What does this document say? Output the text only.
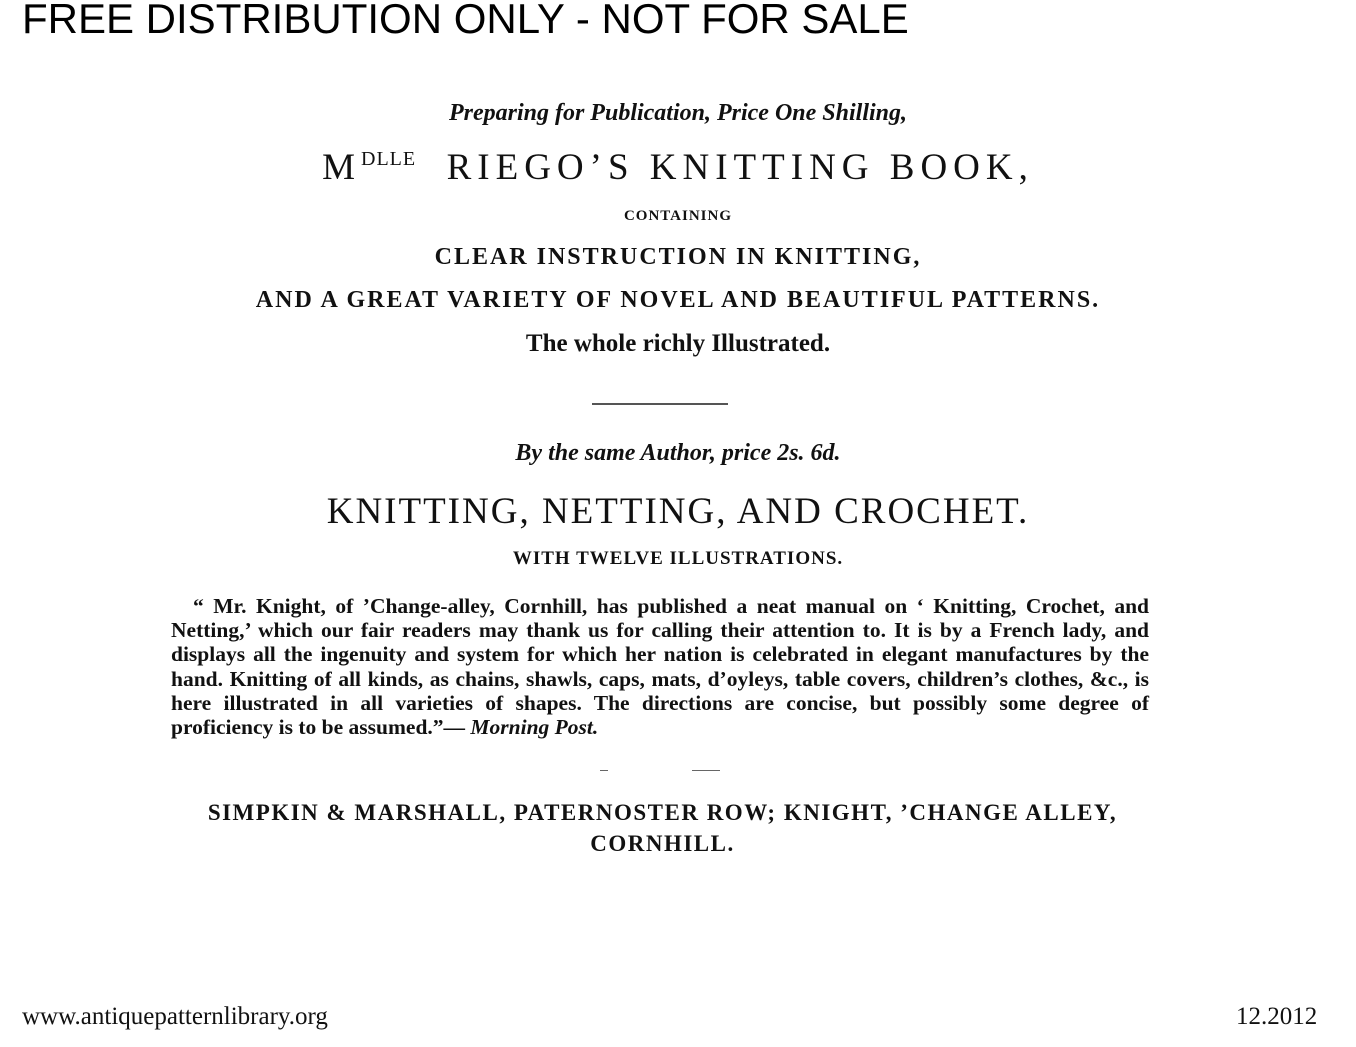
FREE DISTRIBUTION ONLY - NOT FOR SALE
Preparing for Publication, Price One Shilling,
$M^{DLLE}$ RIEGO’S KNITTING BOOK,
CONTAINING
CLEAR INSTRUCTION IN KNITTING,
AND A GREAT VARIETY OF NOVEL AND BEAUTIFUL PATTERNS.
The whole richly Illustrated.
By the same Author, price 2s. 6d.
KNITTING, NETTING, AND CROCHET.
WITH TWELVE ILLUSTRATIONS.

“ Mr. Knight, of ’Change-alley, Cornhill, has published a neat manual on ‘ Knitting, Crochet, and Netting,’ which our fair readers may thank us for calling their attention to. It is by a French lady, and displays all the ingenuity and system for which her nation is celebrated in elegant manufactures by the hand. Knitting of all kinds, as chains, shawls, caps, mats, d’oyleys, table covers, children’s clothes, &c., is here illustrated in all varieties of shapes. The directions are concise, but possibly some degree of proficiency is to be assumed.”— Morning Post.

SIMPKIN & MARSHALL, PATERNOSTER ROW; KNIGHT, ’CHANGE ALLEY,
CORNHILL.
www.antiquepatternlibrary.org	12.2012
